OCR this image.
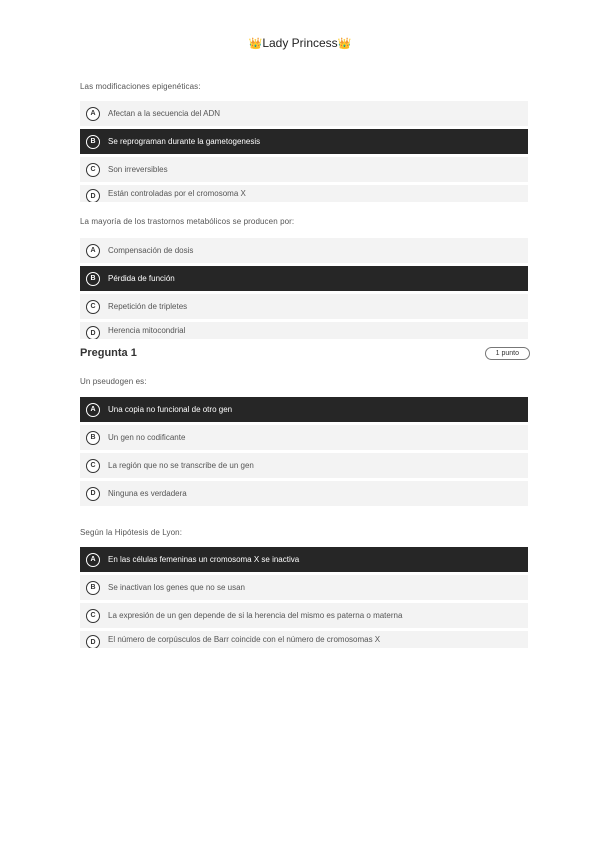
👑Lady Princess👑
Las modificaciones epigenéticas:
A	Afectan a la secuencia del ADN
B	Se reprograman durante la gametogenesis
C	Son irreversibles
D	Están controladas por el cromosoma X
La mayoría de los trastornos metabólicos se producen por:
A	Compensación de dosis
B	Pérdida de función
C	Repetición de tripletes
D	Herencia mitocondrial
Pregunta 1	1 punto
Un pseudogen es:
A	Una copia no funcional de otro gen
B	Un gen no codificante
C	La región que no se transcribe de un gen
D	Ninguna es verdadera
Según la Hipótesis de Lyon:
A	En las células femeninas un cromosoma X se inactiva
B	Se inactivan los genes que no se usan
C	La expresión de un gen depende de si la herencia del mismo es paterna o materna
D	El número de corpúsculos de Barr coincide con el número de cromosomas X
